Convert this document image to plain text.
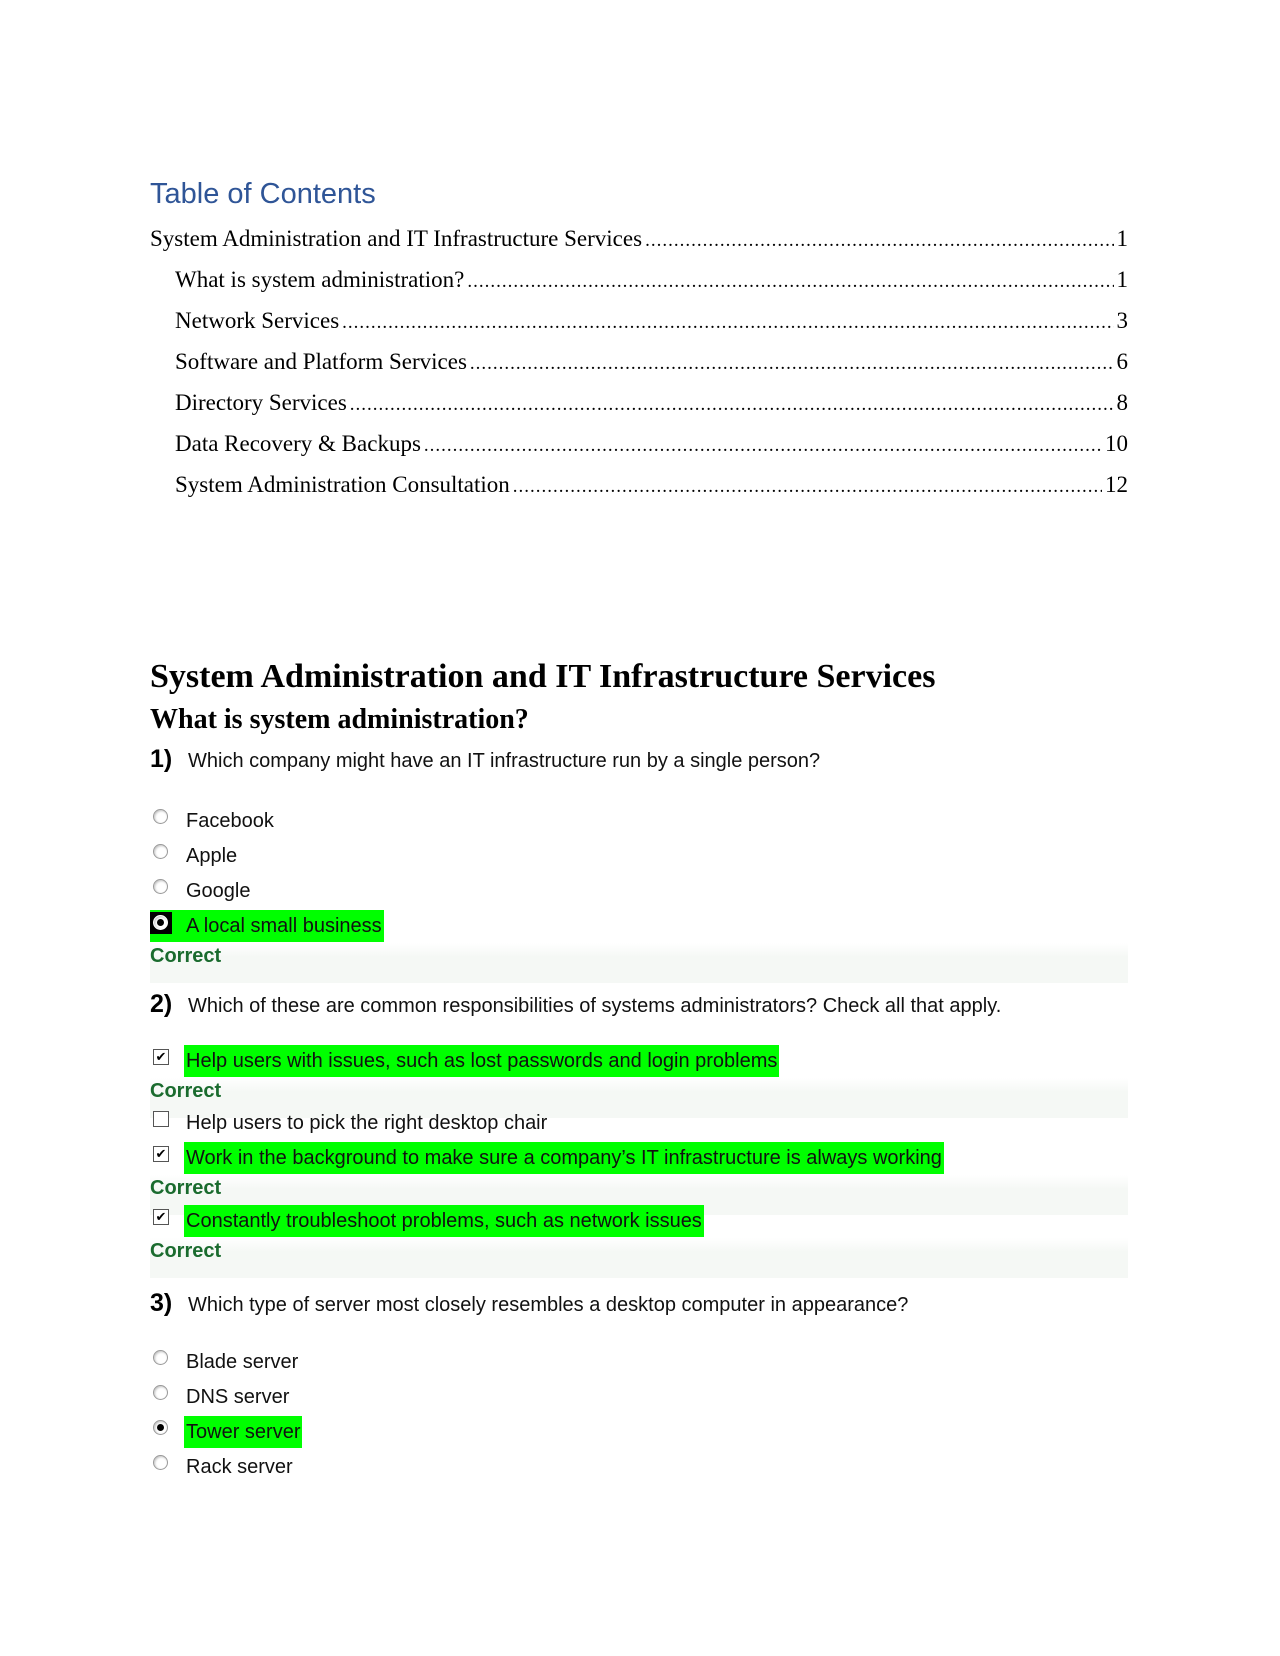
Table of Contents
System Administration and IT Infrastructure Services .....	1
What is system administration? .....	1
Network Services .....	3
Software and Platform Services .....	6
Directory Services .....	8
Data Recovery & Backups .....	10
System Administration Consultation .....	12
System Administration and IT Infrastructure Services
What is system administration?
1) Which company might have an IT infrastructure run by a single person?
Facebook
Apple
Google
A local small business
Correct
2) Which of these are common responsibilities of systems administrators? Check all that apply.
✔ Help users with issues, such as lost passwords and login problems
Correct
Help users to pick the right desktop chair
✔ Work in the background to make sure a company’s IT infrastructure is always working
Correct
✔ Constantly troubleshoot problems, such as network issues
Correct
3) Which type of server most closely resembles a desktop computer in appearance?
Blade server
DNS server
Tower server
Rack server
